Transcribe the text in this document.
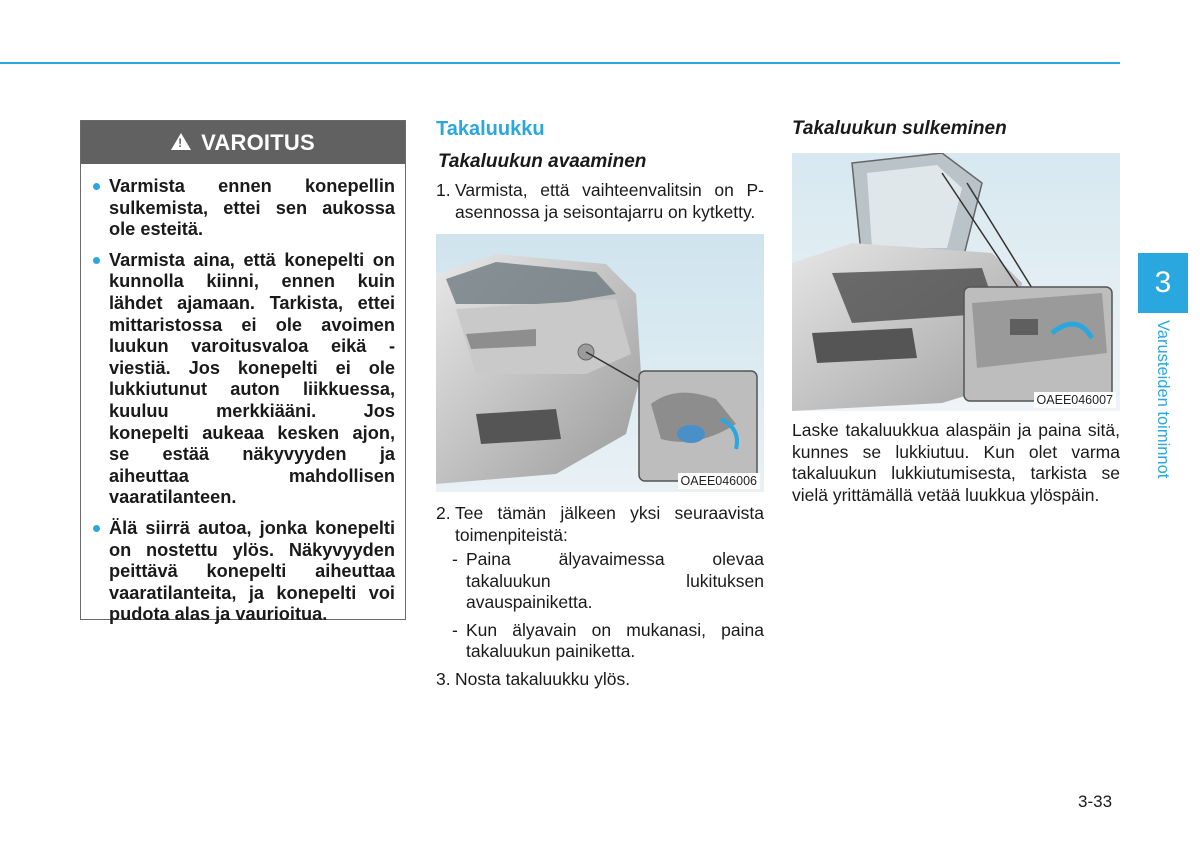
!
VAROITUS
Varmista ennen konepellin sulkemista, ettei sen aukossa ole esteitä.
Varmista aina, että konepelti on kunnolla kiinni, ennen kuin lähdet ajamaan. Tarkista, ettei mittaristossa ei ole avoimen luukun varoitusvaloa eikä -viestiä. Jos konepelti ei ole lukkiutunut auton liikkuessa, kuuluu merkkiääni. Jos konepelti aukeaa kesken ajon, se estää näkyvyyden ja aiheuttaa mahdollisen vaaratilanteen.
Älä siirrä autoa, jonka konepelti on nostettu ylös. Näkyvyyden peittävä konepelti aiheuttaa vaaratilanteita, ja konepelti voi pudota alas ja vaurioitua.
Takaluukku
Takaluukun avaaminen
1. Varmista, että vaihteenvalitsin on P-asennossa ja seisontajarru on kytketty.
OAEE046006
2. Tee tämän jälkeen yksi seuraavista toimenpiteistä:
- Paina älyavaimessa olevaa takaluukun lukituksen avauspainiketta.
- Kun älyavain on mukanasi, paina takaluukun painiketta.
3. Nosta takaluukku ylös.
Takaluukun sulkeminen
OAEE046007

Laske takaluukkua alaspäin ja paina sitä, kunnes se lukkiutuu. Kun olet varma takaluukun lukkiutumisesta, tarkista se vielä yrittämällä vetää luukkua ylöspäin.

3
Varusteiden toiminnot
3-33
